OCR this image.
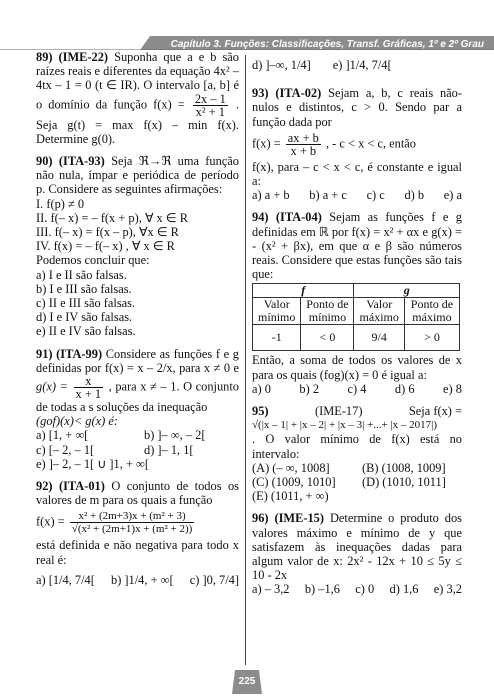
Capítulo 3. Funções: Classificações, Transf. Gráficas, 1º e 2º Grau
89) (IME-22) Suponha que a e b são raízes reais e diferentes da equação 4x² – 4tx – 1 = 0 (t ∈ IR). O intervalo [a, b] é o domínio da função $f(x) = \frac{2x - 1}{\text{x² + 1}}$ . Seja g(t) = max f(x) – min f(x). Determine g(0).
90) (ITA-93) Seja ℜ→ℜ uma função não nula, ímpar e periódica de período p. Considere as seguintes afirmações:
I. f(p) ≠ 0
II. f(– x) = – f(x + p), ∀ x ∈ R
III. f(– x) = f(x – p), ∀x ∈ R
IV. f(x) = – f(– x) , ∀ x ∈ R
Podemos concluir que:
a) I e II são falsas.
b) I e III são falsas.
c) II e III são falsas.
d) I e IV são falsas.
e) II e IV são falsas.
91) (ITA-99) Considere as funções f e g definidas por f(x) = x – 2/x, para x ≠ 0 e $g(x) = \frac{x}{x + 1}$ , para x ≠ – 1. O conjunto de todas a s soluções da inequação
(gof)(x)< g(x) é:
a) [1, + ∞[	b) ]– ∞, – 2[
c) [– 2, – 1[	d) ]– 1, 1[
e) ]– 2, – 1[ ∪ ]1, + ∞[
92) (ITA-01) O conjunto de todos os valores de m para os quais a função
$f(x) = \frac{\text{x² + (2m+3)x + (m² + 3)}}{\text{√(x² + (2m+1)x + (m² + 2))}}$
está definida e não negativa para todo x real é:
a) [1/4, 7/4[ b) ]1/4, + ∞[ c) ]0, 7/4]
d) ]–∞, 1/4] e) ]1/4, 7/4[
93) (ITA-02) Sejam a, b, c reais não-nulos e distintos, c > 0. Sendo par a função dada por
$f(x) = \frac{ax + b}{x + b}$ , - c < x < c, então
f(x), para – c < x < c, é constante e igual a:
a) a + b b) a + c c) c d) b e) a
94) (ITA-04) Sejam as funções f e g definidas em ℝ por f(x) = x² + αx e g(x) = - (x² + βx), em que α e β são números reais. Considere que estas funções são tais que:
f		g	
Valor mínimo	Ponto de mínimo	Valor máximo	Ponto de máximo
-1	< 0	9/4	> 0
Então, a soma de todos os valores de x para os quais (fog)(x) = 0 é igual a:
a) 0 b) 2 c) 4 d) 6 e) 8
95)	(IME-17)	Seja f(x) =
√(|x – 1| + |x – 2| + |x – 3| +...+ |x – 2017|)
. O valor mínimo de f(x) está no intervalo:
(A) (– ∞, 1008]	(B) (1008, 1009]
(C) (1009, 1010] (D) (1010, 1011]
(E) (1011, + ∞)
96) (IME-15) Determine o produto dos valores máximo e mínimo de y que satisfazem às inequações dadas para algum valor de x: 2x² - 12x + 10 ≤ 5y ≤ 10 - 2x
a) – 3,2 b) –1,6 c) 0 d) 1,6 e) 3,2
225
